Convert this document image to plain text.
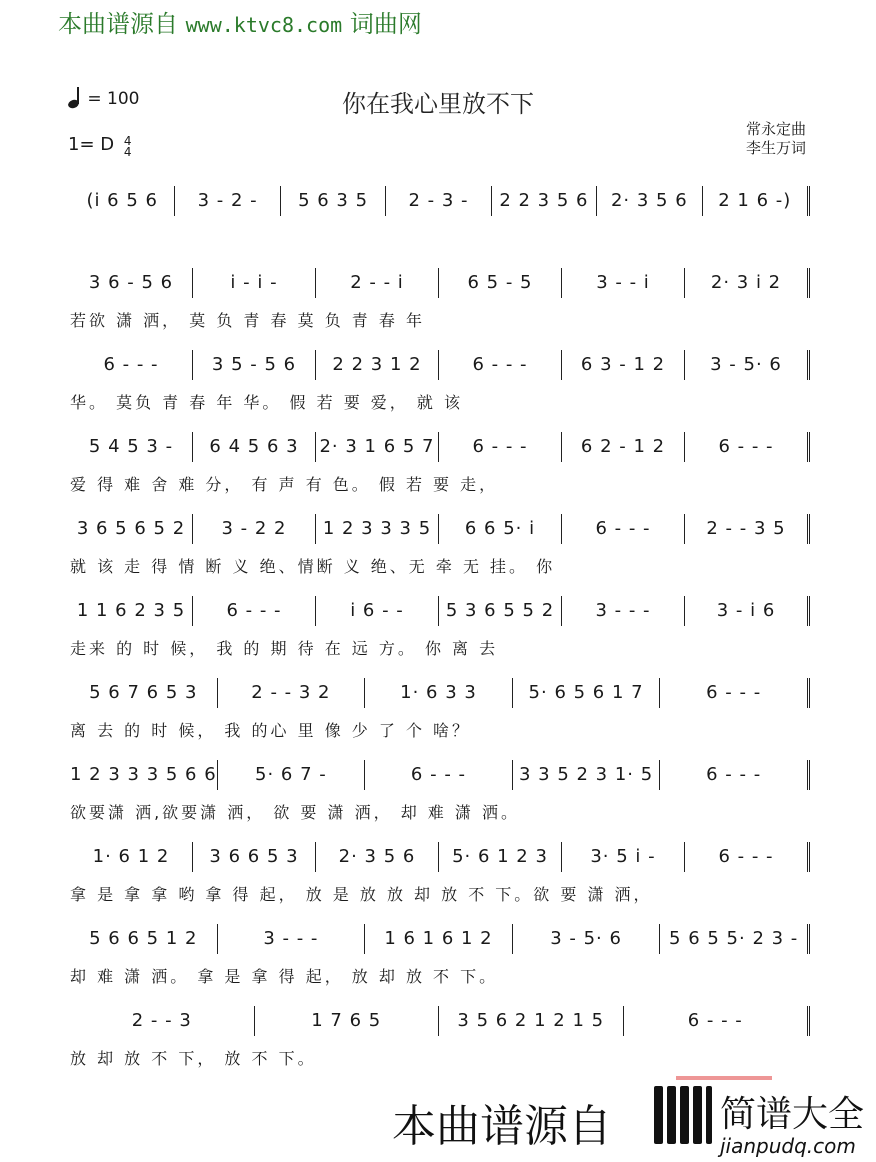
本曲谱源自 www.ktvc8.com 词曲网
= 100	你在我心里放不下
1= D 4
4
常永定曲
李生万词
(i 6 5 6	3 - 2 -	5 6 3 5	2 - 3 -	2 2 3 5 6	2· 3 5 6	2 1 6 -)
3 6 - 5 6	i - i -	2 - - i	6 5 - 5	3 - - i	2· 3 i 2
若欲 潇 洒， 莫 负 青 春 莫 负 青 春 年
6 - - -	3 5 - 5 6	2 2 3 1 2	6 - - -	6 3 - 1 2	3 - 5· 6
华。 莫负 青 春 年 华。 假 若 要 爱， 就 该
5 4 5 3 -	6 4 5 6 3	2· 3 1 6 5 7	6 - - -	6 2 - 1 2	6 - - -
爱 得 难 舍 难 分， 有 声 有 色。 假 若 要 走，
3 6 5 6 5 2	3 - 2 2	1 2 3 3 3 5	6 6 5· i	6 - - -	2 - - 3 5
就 该 走 得 情 断 义 绝、情断 义 绝、无 牵 无 挂。 你
1 1 6 2 3 5	6 - - -	i 6 - -	5 3 6 5 5 2	3 - - -	3 - i 6
走来 的 时 候， 我 的 期 待 在 远 方。 你 离 去
5 6 7 6 5 3	2 - - 3 2	1· 6 3 3	5· 6 5 6 1 7	6 - - -
离 去 的 时 候， 我 的心 里 像 少 了 个 啥？
1 2 3 3 3 5 6 6	5· 6 7 -	6 - - -	3 3 5 2 3 1· 5	6 - - -
欲要潇 洒,欲要潇 洒， 欲 要 潇 洒， 却 难 潇 洒。
1· 6 1 2	3 6 6 5 3	2· 3 5 6	5· 6 1 2 3	3· 5 i -	6 - - -
拿 是 拿 拿 哟 拿 得 起， 放 是 放 放 却 放 不 下。欲 要 潇 洒，
5 6 6 5 1 2	3 - - -	1 6 1 6 1 2	3 - 5· 6	5 6 5 5· 2 3 -
却 难 潇 洒。 拿 是 拿 得 起， 放 却 放 不 下。
2 - - 3	1 7 6 5	3 5 6 2 1 2 1 5	6 - - -
放 却 放 不 下， 放 不 下。
本曲谱源自	简谱大全
jianpudq.com
